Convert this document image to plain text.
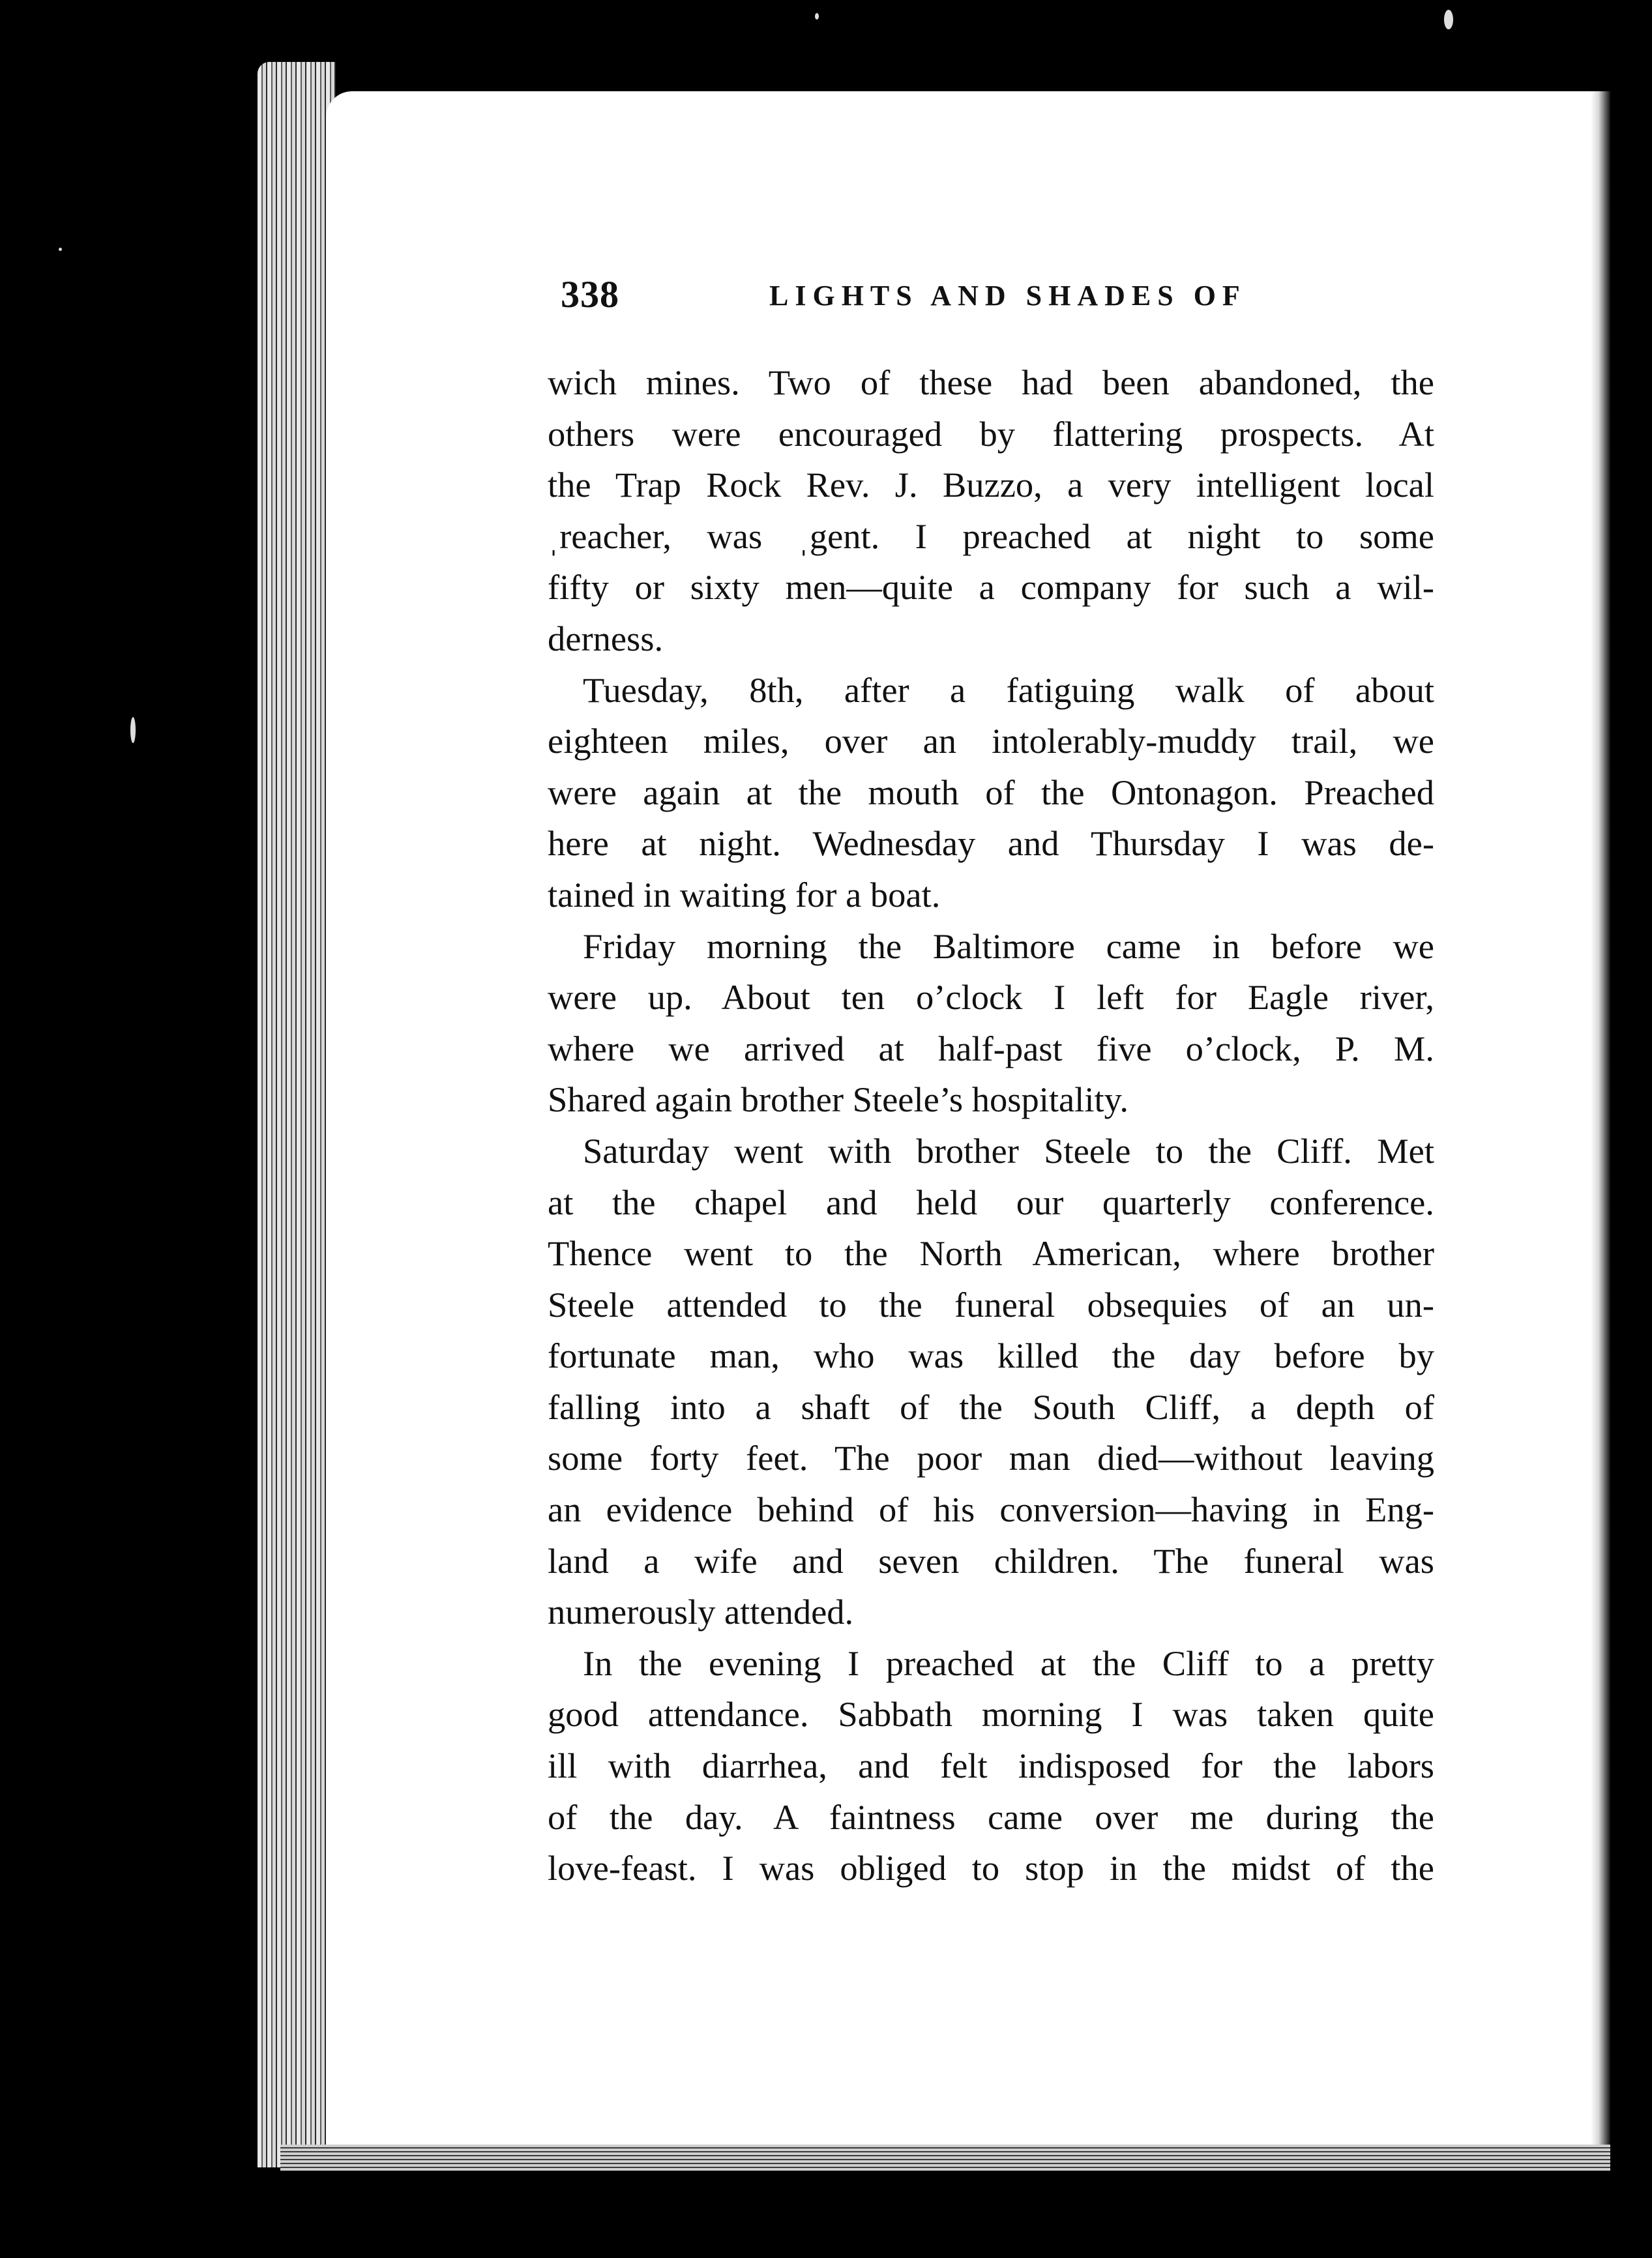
338	LIGHTS AND SHADES OF
wich mines. Two of these had been abandoned, the
others were encouraged by flattering prospects. At
the Trap Rock Rev. J. Buzzo, a very intelligent local
ˌreacher, was ˌgent. I preached at night to some
fifty or sixty men—quite a company for such a wil-
derness.
Tuesday, 8th, after a fatiguing walk of about
eighteen miles, over an intolerably-muddy trail, we
were again at the mouth of the Ontonagon. Preached
here at night. Wednesday and Thursday I was de-
tained in waiting for a boat.
Friday morning the Baltimore came in before we
were up. About ten o’clock I left for Eagle river,
where we arrived at half-past five o’clock, P. M.
Shared again brother Steele’s hospitality.
Saturday went with brother Steele to the Cliff. Met
at the chapel and held our quarterly conference.
Thence went to the North American, where brother
Steele attended to the funeral obsequies of an un-
fortunate man, who was killed the day before by
falling into a shaft of the South Cliff, a depth of
some forty feet. The poor man died—without leaving
an evidence behind of his conversion—having in Eng-
land a wife and seven children. The funeral was
numerously attended.
In the evening I preached at the Cliff to a pretty
good attendance. Sabbath morning I was taken quite
ill with diarrhea, and felt indisposed for the labors
of the day. A faintness came over me during the
love-feast. I was obliged to stop in the midst of the
